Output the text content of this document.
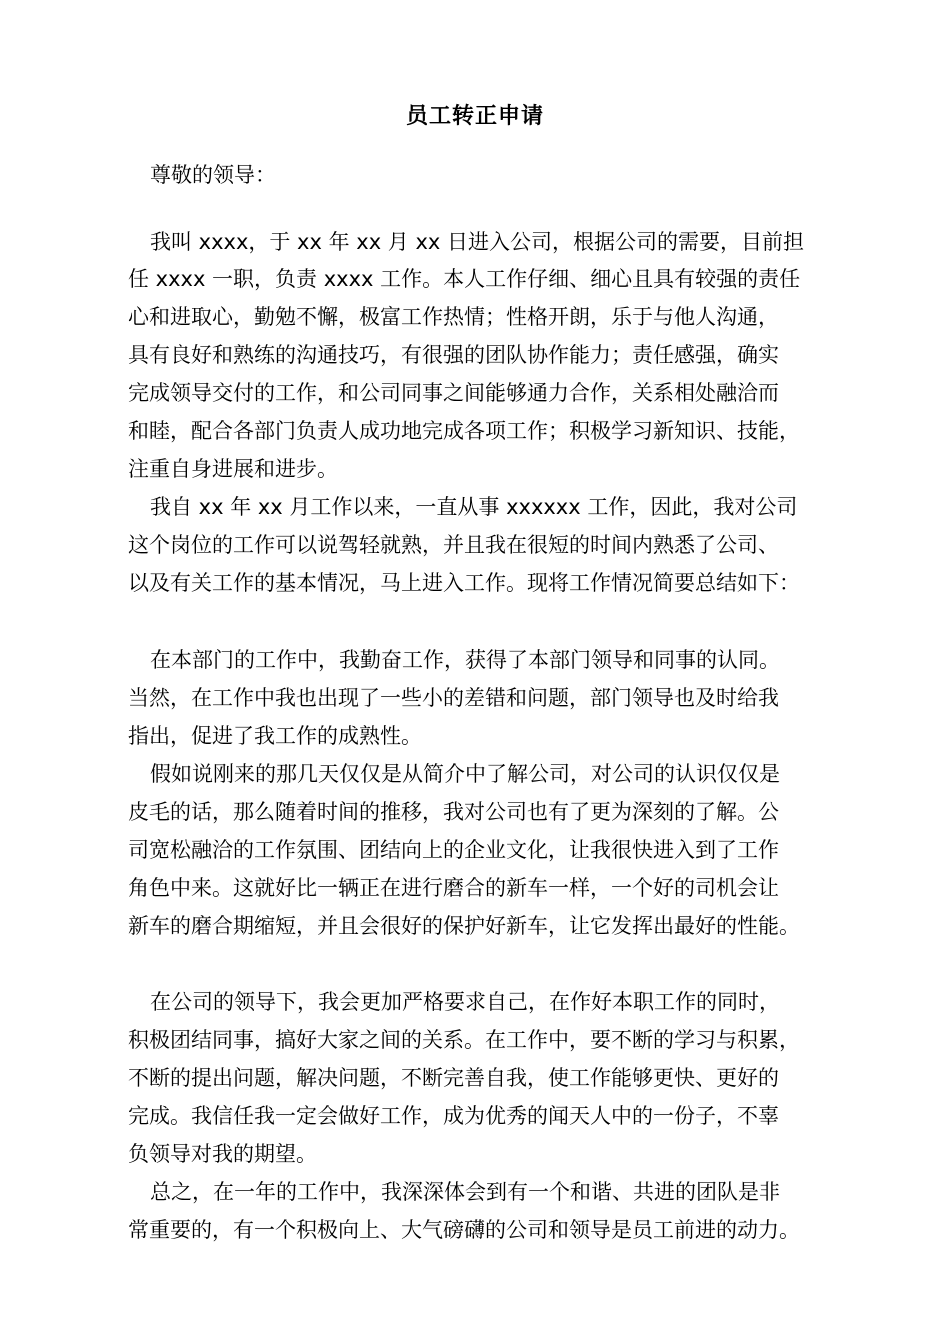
员工转正申请
尊敬的领导：
我叫 xxxx，于 xx 年 xx 月 xx 日进入公司，根据公司的需要，目前担
任 xxxx 一职，负责 xxxx 工作。本人工作仔细、细心且具有较强的责任
心和进取心，勤勉不懈，极富工作热情；性格开朗，乐于与他人沟通，
具有良好和熟练的沟通技巧，有很强的团队协作能力；责任感强，确实
完成领导交付的工作，和公司同事之间能够通力合作，关系相处融洽而
和睦，配合各部门负责人成功地完成各项工作；积极学习新知识、技能，
注重自身进展和进步。
我自 xx 年 xx 月工作以来，一直从事 xxxxxx 工作，因此，我对公司
这个岗位的工作可以说驾轻就熟，并且我在很短的时间内熟悉了公司、
以及有关工作的基本情况，马上进入工作。现将工作情况简要总结如下：
在本部门的工作中，我勤奋工作，获得了本部门领导和同事的认同。
当然，在工作中我也出现了一些小的差错和问题，部门领导也及时给我
指出，促进了我工作的成熟性。
假如说刚来的那几天仅仅是从简介中了解公司，对公司的认识仅仅是
皮毛的话，那么随着时间的推移，我对公司也有了更为深刻的了解。公
司宽松融洽的工作氛围、团结向上的企业文化，让我很快进入到了工作
角色中来。这就好比一辆正在进行磨合的新车一样，一个好的司机会让
新车的磨合期缩短，并且会很好的保护好新车，让它发挥出最好的性能。
在公司的领导下，我会更加严格要求自己，在作好本职工作的同时，
积极团结同事，搞好大家之间的关系。在工作中，要不断的学习与积累，
不断的提出问题，解决问题，不断完善自我，使工作能够更快、更好的
完成。我信任我一定会做好工作，成为优秀的闻天人中的一份子，不辜
负领导对我的期望。
总之，在一年的工作中，我深深体会到有一个和谐、共进的团队是非
常重要的，有一个积极向上、大气磅礴的公司和领导是员工前进的动力。
